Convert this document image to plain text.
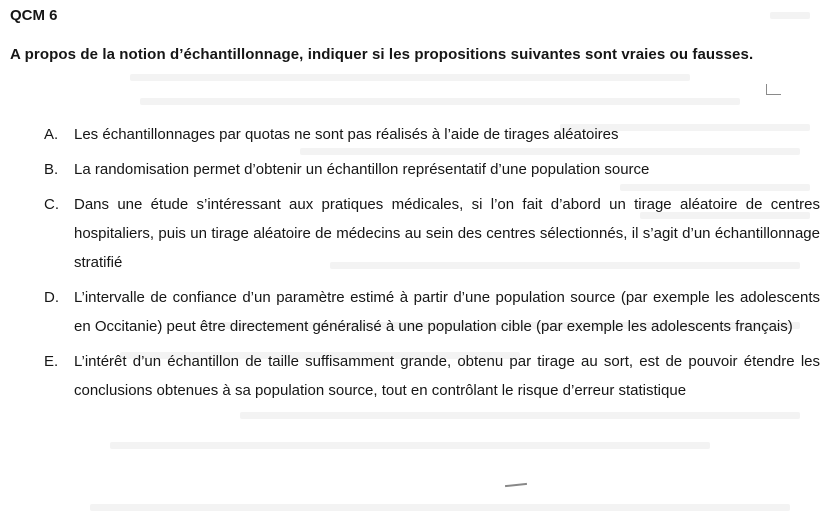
QCM 6
A propos de la notion d’échantillonnage, indiquer si les propositions suivantes sont vraies ou fausses.
A. Les échantillonnages par quotas ne sont pas réalisés à l’aide de tirages aléatoires
B. La randomisation permet d’obtenir un échantillon représentatif d’une population source
C. Dans une étude s’intéressant aux pratiques médicales, si l’on fait d’abord un tirage aléatoire de centres hospitaliers, puis un tirage aléatoire de médecins au sein des centres sélectionnés, il s’agit d’un échantillonnage stratifié
D. L’intervalle de confiance d’un paramètre estimé à partir d’une population source (par exemple les adolescents en Occitanie) peut être directement généralisé à une population cible (par exemple les adolescents français)
E. L’intérêt d’un échantillon de taille suffisamment grande, obtenu par tirage au sort, est de pouvoir étendre les conclusions obtenues à sa population source, tout en contrôlant le risque d’erreur statistique
